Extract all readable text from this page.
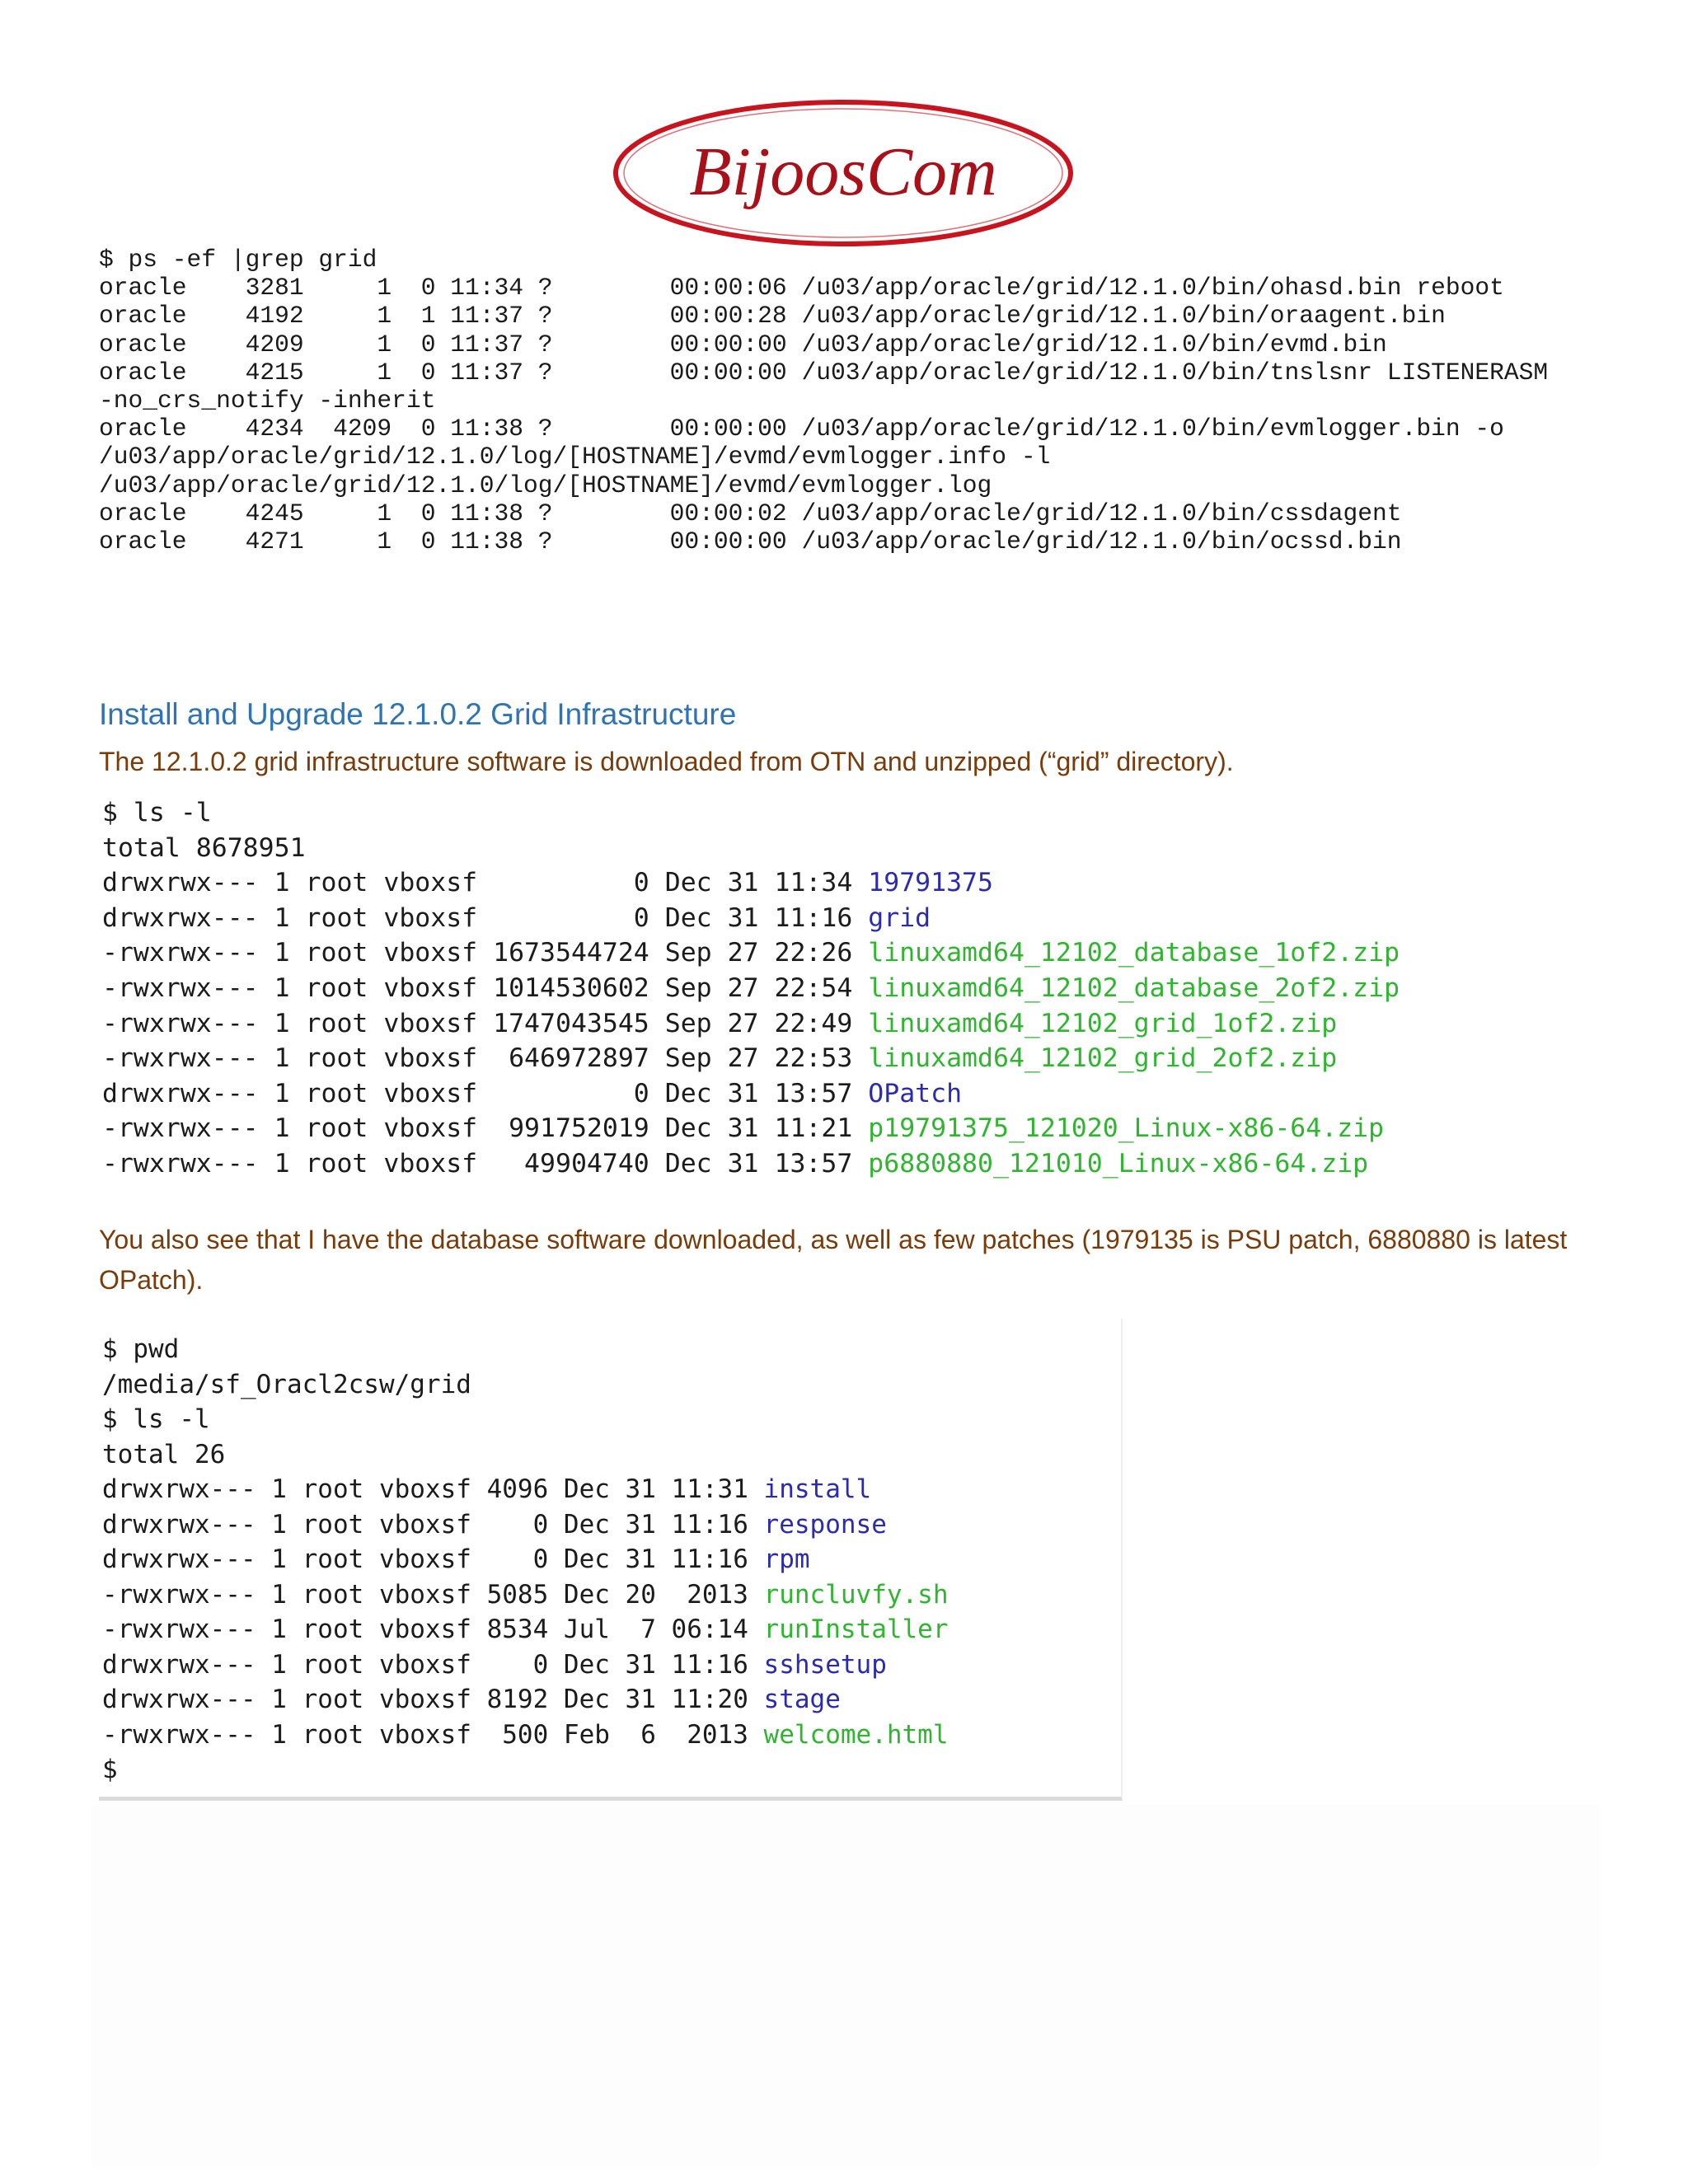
BijoosCom
$ ps -ef |grep grid
oracle    3281     1  0 11:34 ?        00:00:06 /u03/app/oracle/grid/12.1.0/bin/ohasd.bin reboot
oracle    4192     1  1 11:37 ?        00:00:28 /u03/app/oracle/grid/12.1.0/bin/oraagent.bin
oracle    4209     1  0 11:37 ?        00:00:00 /u03/app/oracle/grid/12.1.0/bin/evmd.bin
oracle    4215     1  0 11:37 ?        00:00:00 /u03/app/oracle/grid/12.1.0/bin/tnslsnr LISTENERASM
-no_crs_notify -inherit
oracle    4234  4209  0 11:38 ?        00:00:00 /u03/app/oracle/grid/12.1.0/bin/evmlogger.bin -o
/u03/app/oracle/grid/12.1.0/log/[HOSTNAME]/evmd/evmlogger.info -l
/u03/app/oracle/grid/12.1.0/log/[HOSTNAME]/evmd/evmlogger.log
oracle    4245     1  0 11:38 ?        00:00:02 /u03/app/oracle/grid/12.1.0/bin/cssdagent
oracle    4271     1  0 11:38 ?        00:00:00 /u03/app/oracle/grid/12.1.0/bin/ocssd.bin

Install and Upgrade 12.1.0.2 Grid Infrastructure

The 12.1.0.2 grid infrastructure software is downloaded from OTN and unzipped (“grid” directory).

$ ls -l
total 8678951
drwxrwx--- 1 root vboxsf          0 Dec 31 11:34 19791375
drwxrwx--- 1 root vboxsf          0 Dec 31 11:16 grid
-rwxrwx--- 1 root vboxsf 1673544724 Sep 27 22:26 linuxamd64_12102_database_1of2.zip
-rwxrwx--- 1 root vboxsf 1014530602 Sep 27 22:54 linuxamd64_12102_database_2of2.zip
-rwxrwx--- 1 root vboxsf 1747043545 Sep 27 22:49 linuxamd64_12102_grid_1of2.zip
-rwxrwx--- 1 root vboxsf  646972897 Sep 27 22:53 linuxamd64_12102_grid_2of2.zip
drwxrwx--- 1 root vboxsf          0 Dec 31 13:57 OPatch
-rwxrwx--- 1 root vboxsf  991752019 Dec 31 11:21 p19791375_121020_Linux-x86-64.zip
-rwxrwx--- 1 root vboxsf   49904740 Dec 31 13:57 p6880880_121010_Linux-x86-64.zip

You also see that I have the database software downloaded, as well as few patches (1979135 is PSU patch, 6880880 is latest OPatch).

$ pwd
/media/sf_Oracl2csw/grid
$ ls -l
total 26
drwxrwx--- 1 root vboxsf 4096 Dec 31 11:31 install
drwxrwx--- 1 root vboxsf    0 Dec 31 11:16 response
drwxrwx--- 1 root vboxsf    0 Dec 31 11:16 rpm
-rwxrwx--- 1 root vboxsf 5085 Dec 20  2013 runcluvfy.sh
-rwxrwx--- 1 root vboxsf 8534 Jul  7 06:14 runInstaller
drwxrwx--- 1 root vboxsf    0 Dec 31 11:16 sshsetup
drwxrwx--- 1 root vboxsf 8192 Dec 31 11:20 stage
-rwxrwx--- 1 root vboxsf  500 Feb  6  2013 welcome.html
$
